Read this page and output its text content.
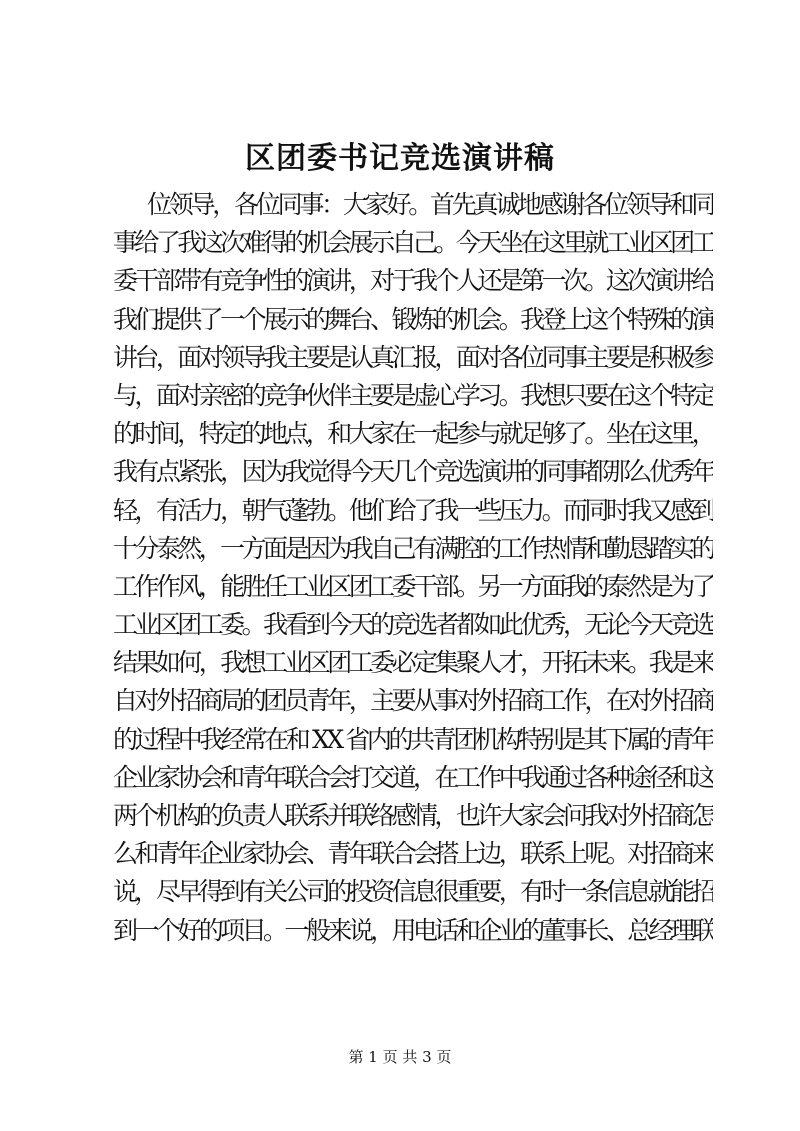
区团委书记竞选演讲稿
位领导，各位同事：大家好。首先真诚地感谢各位领导和同
事给了我这次难得的机会展示自己。今天坐在这里就工业区团工
委干部带有竞争性的演讲，对于我个人还是第一次。这次演讲给
我们提供了一个展示的舞台、锻炼的机会。我登上这个特殊的演
讲台，面对领导我主要是认真汇报，面对各位同事主要是积极参
与，面对亲密的竞争伙伴主要是虚心学习。我想只要在这个特定
的时间，特定的地点，和大家在一起参与就足够了。坐在这里，
我有点紧张，因为我觉得今天几个竞选演讲的同事都那么优秀年
轻，有活力，朝气蓬勃。他们给了我一些压力。而同时我又感到
十分泰然，一方面是因为我自己有满腔的工作热情和勤恳踏实的
工作作风，能胜任工业区团工委干部。另一方面我的泰然是为了
工业区团工委。我看到今天的竞选者都如此优秀，无论今天竞选
结果如何，我想工业区团工委必定集聚人才，开拓未来。我是来
自对外招商局的团员青年，主要从事对外招商工作，在对外招商
的过程中我经常在和 XX 省内的共青团机构特别是其下属的青年
企业家协会和青年联合会打交道，在工作中我通过各种途径和这
两个机构的负责人联系并联络感情，也许大家会问我对外招商怎
么和青年企业家协会、青年联合会搭上边，联系上呢。对招商来
说，尽早得到有关公司的投资信息很重要，有时一条信息就能招
到一个好的项目。一般来说，用电话和企业的董事长、总经理联
第 1 页 共 3 页
